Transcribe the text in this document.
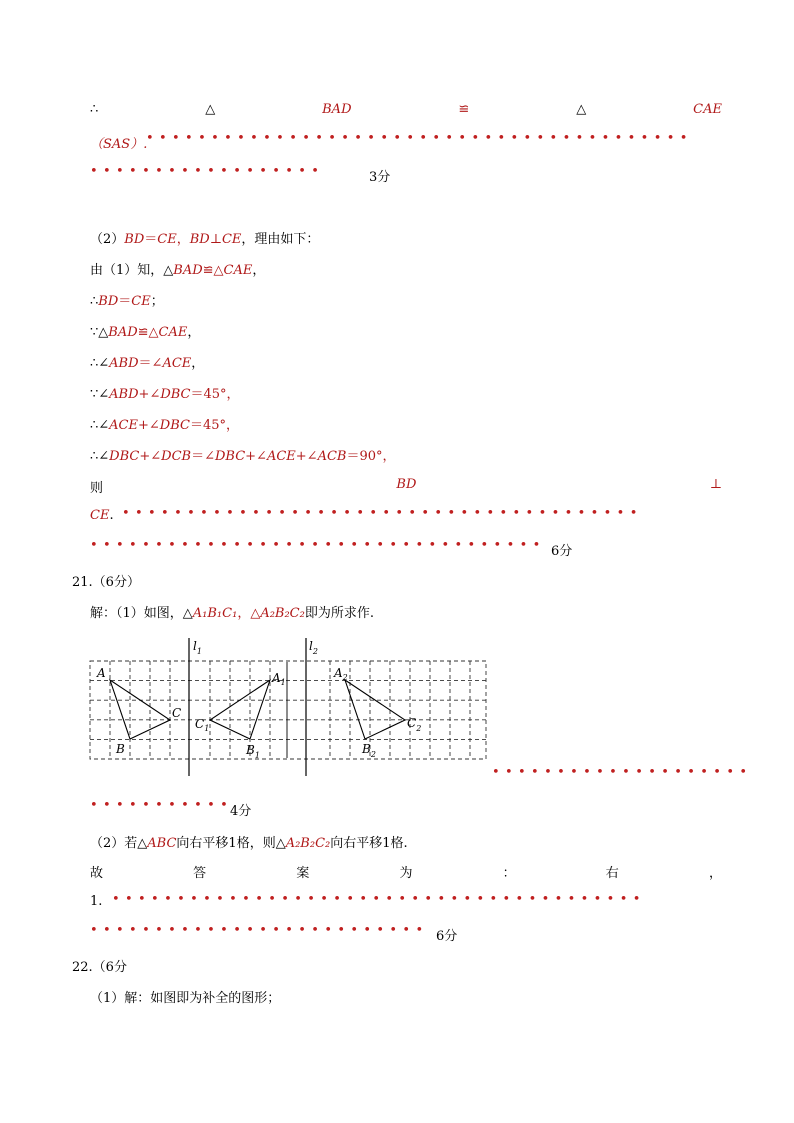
∴	△	BAD	≌	△	CAE
（SAS）.
••••••••••••••••••••••••••••••••••••••••••
••••••••••••••••••	3分
（2）BD＝CE，BD⊥CE，理由如下：
由（1）知，△BAD≌△CAE，
∴BD＝CE；
∵△BAD≌△CAE，
∴∠ABD＝∠ACE，
∵∠ABD+∠DBC＝45°，
∴∠ACE+∠DBC＝45°，
∴∠DBC+∠DCB＝∠DBC+∠ACE+∠ACB＝90°，
则	BD	⊥
CE. ••••••••••••••••••••••••••••••••••••••••
••••••••••••••••••••••••••••••••••• 6分
21.（6分）
解：（1）如图，△A₁B₁C₁，△A₂B₂C₂即为所求作.
$l_1$	$l_2$
A
B
C
$A_1$
$B_1$
$C_1$
$A_2$
$B_2$
$C_2$
••••••••••••••••••••
•••••••••••
4分
（2）若△ABC向右平移1格，则△A₂B₂C₂向右平移1格.
故	答	案	为	：	右	，
1. •••••••••••••••••••••••••••••••••••••••••
•••••••••••••••••••••••••• 6分
22.（6分
（1）解：如图即为补全的图形；
